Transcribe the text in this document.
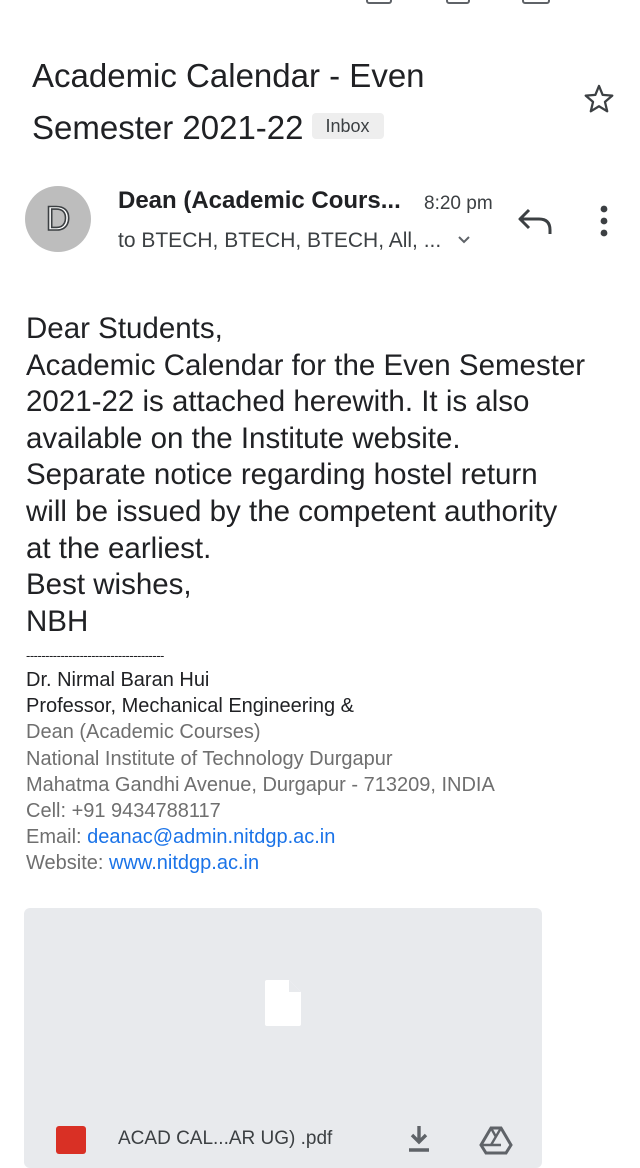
Academic Calendar - Even Semester 2021-22 Inbox
D Dean (Academic Cours... 8:20 pm
to BTECH, BTECH, BTECH, All, ...

Dear Students,

Academic Calendar for the Even Semester

2021-22 is attached herewith. It is also

available on the Institute website.

Separate notice regarding hostel return

will be issued by the competent authority

at the earliest.

Best wishes,

NBH

------------------------------------
Dr. Nirmal Baran Hui
Professor, Mechanical Engineering &
Dean (Academic Courses)
National Institute of Technology Durgapur
Mahatma Gandhi Avenue, Durgapur - 713209, INDIA
Cell: +91 9434788117
Email: deanac@admin.nitdgp.ac.in
Website: www.nitdgp.ac.in
ACAD CAL...AR UG) .pdf
